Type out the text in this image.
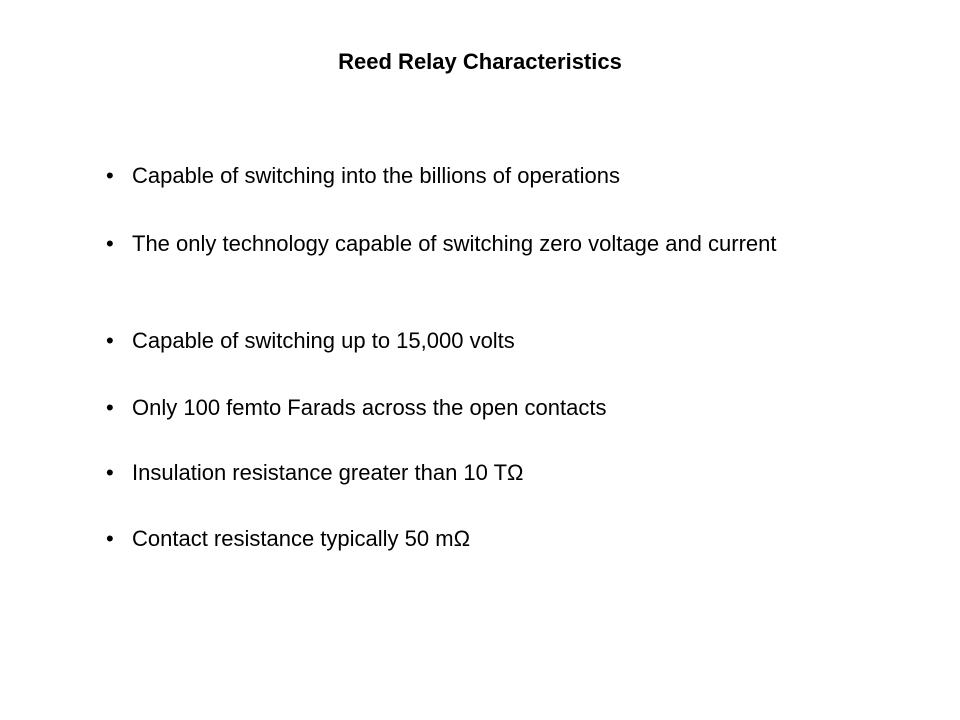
Reed Relay Characteristics
• Capable of switching into the billions of operations
• The only technology capable of switching zero voltage and current
• Capable of switching up to 15,000 volts
• Only 100 femto Farads across the open contacts
• Insulation resistance greater than 10 TΩ
• Contact resistance typically 50 mΩ
